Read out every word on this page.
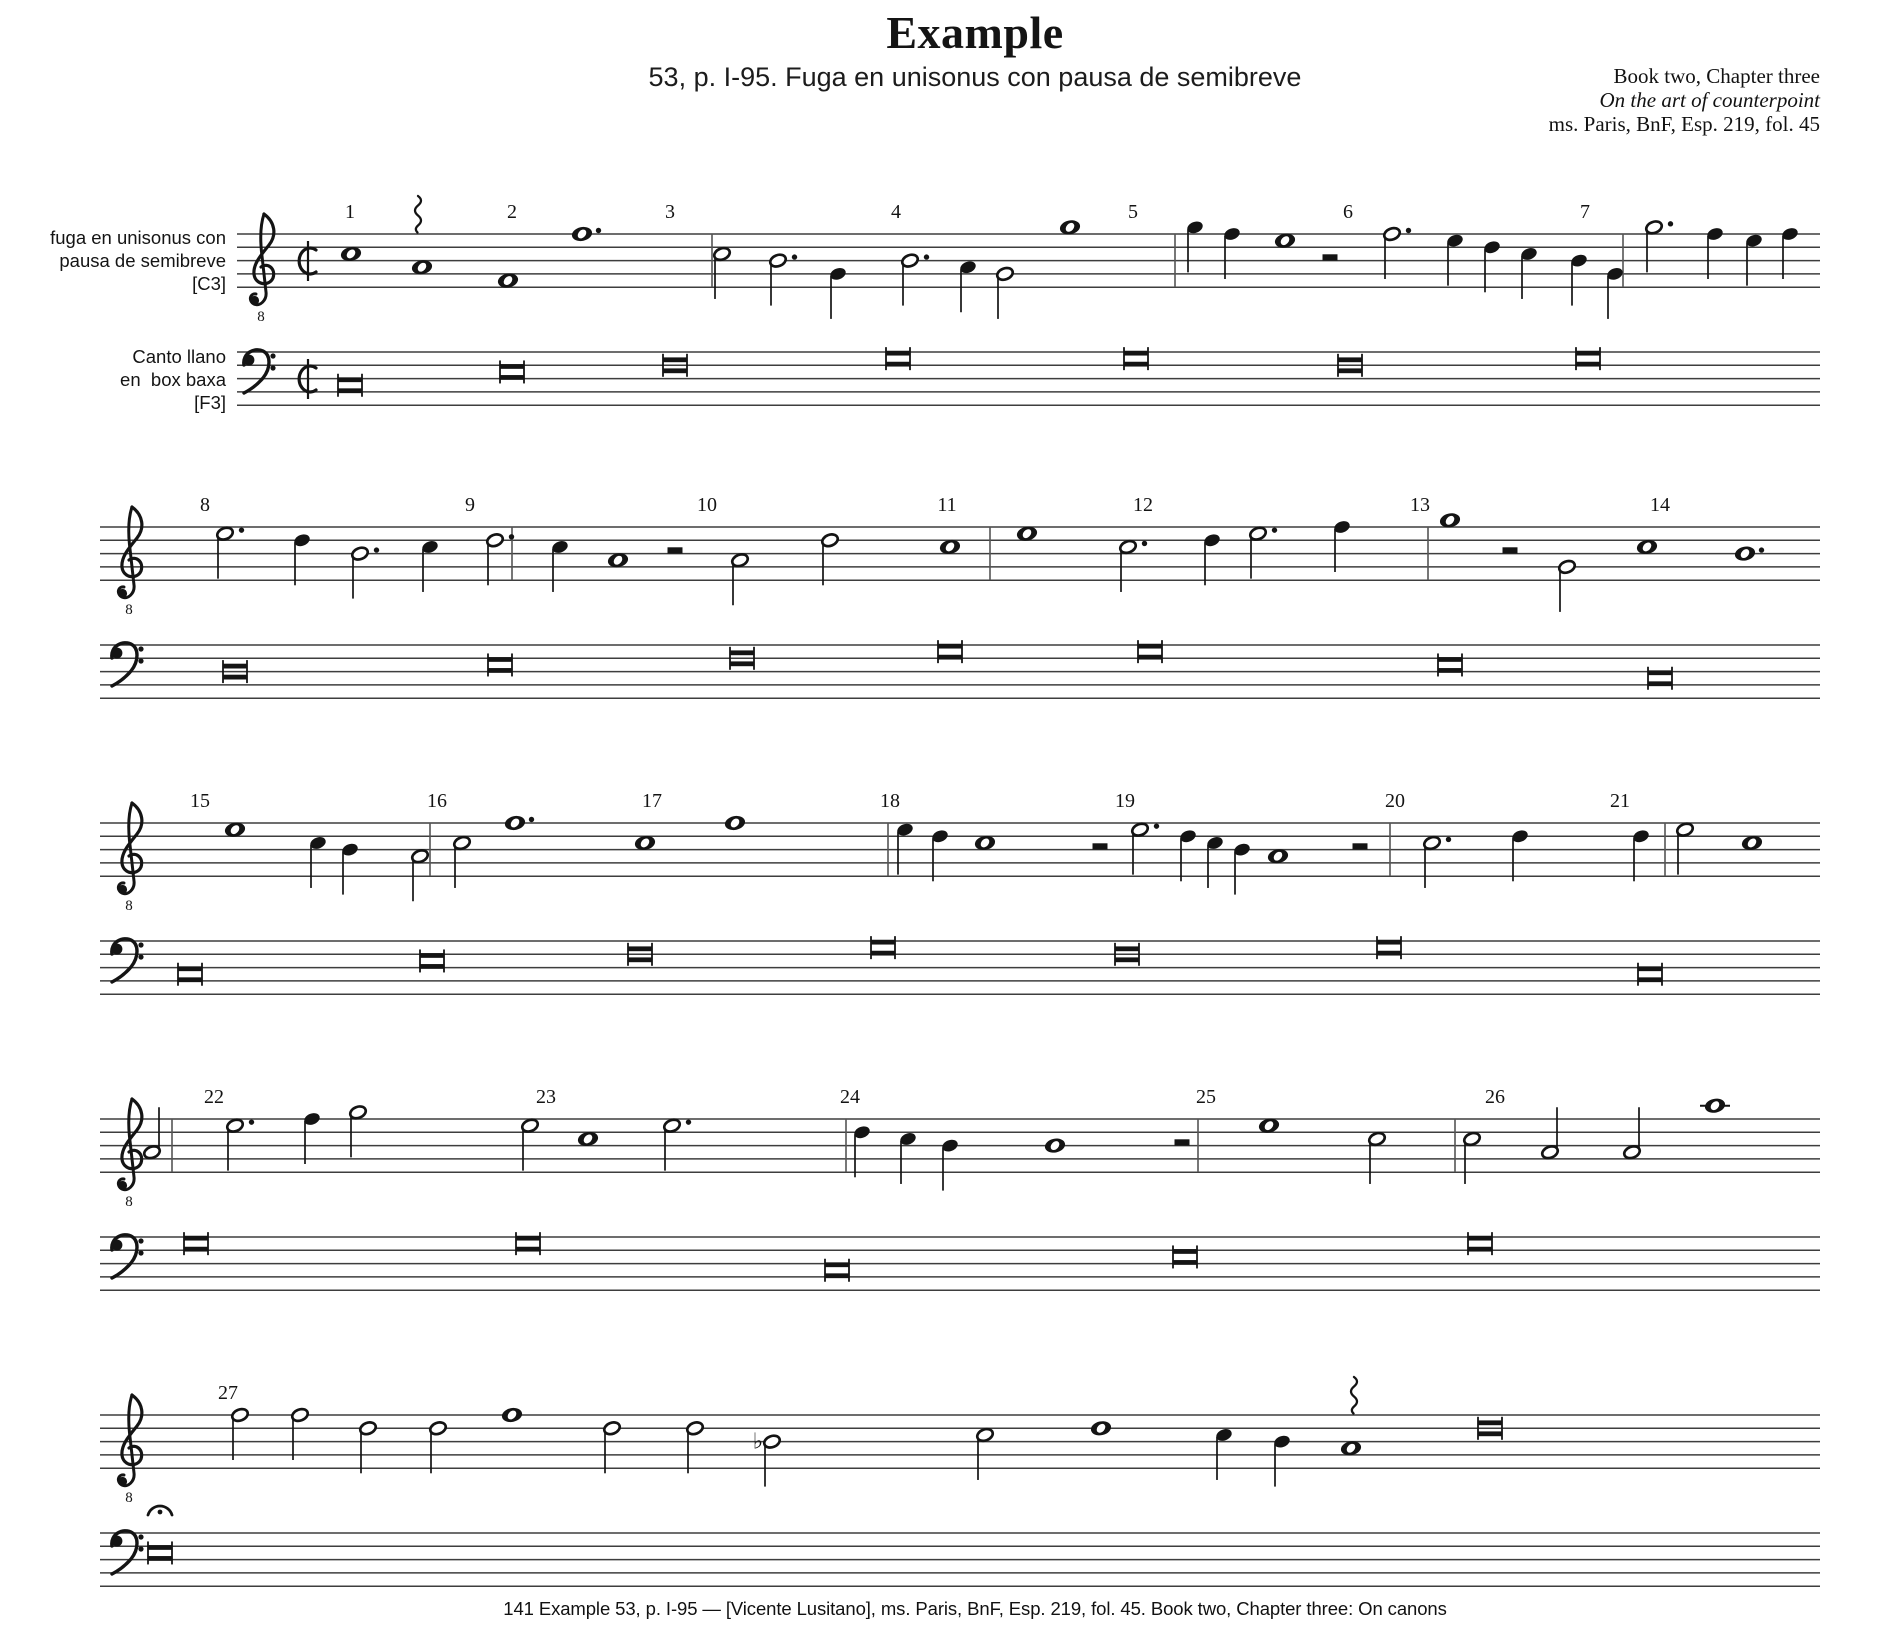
Example
53, p. I-95. Fuga en unisonus con pausa de semibreve	Book two, Chapter three
On the art of counterpoint
ms. Paris, BnF, Esp. 219, fol. 45
8
1	2	3	4	5	6	7
fuga en unisonus con
pausa de semibreve
[C3]
Canto llano
en  box baxa
[F3]
8
8	9	10	11	12	13	14
8
15	16	17	18	19	20	21
8
22	23	24	25	26
8
27
♭
141 Example 53, p. I-95 — [Vicente Lusitano], ms. Paris, BnF, Esp. 219, fol. 45. Book two, Chapter three: On canons
